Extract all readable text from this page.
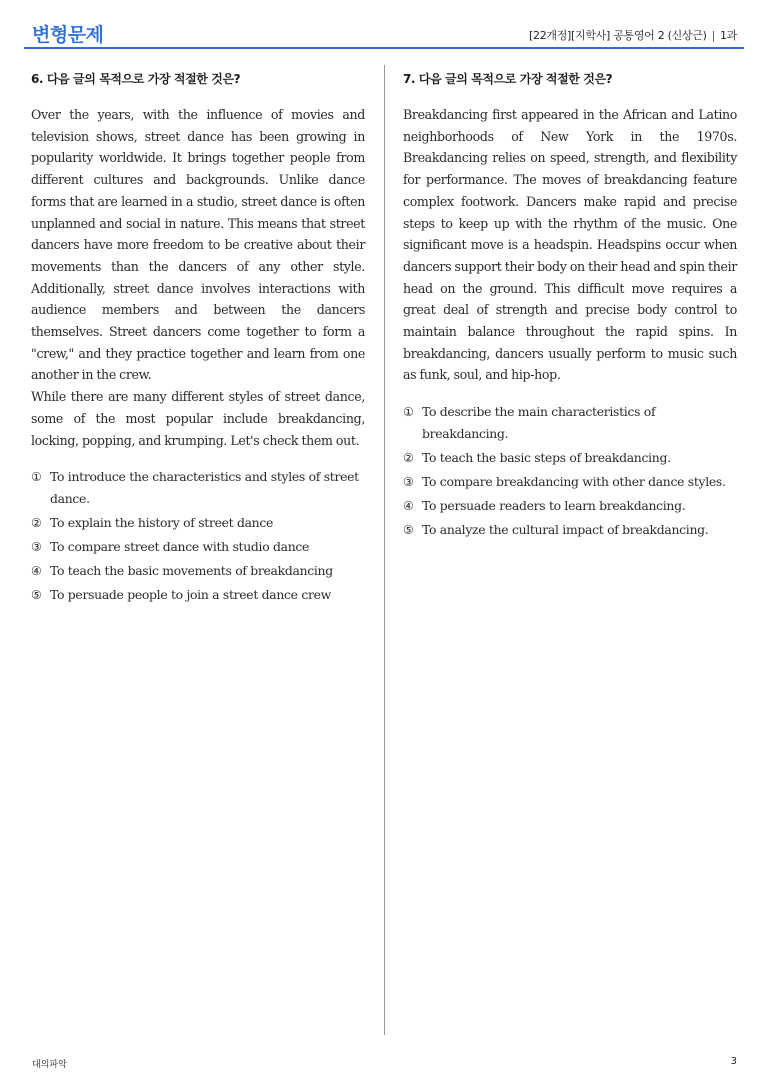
변형문제	[22개정][지학사] 공통영어 2 (신상근) | 1과
6. 다음 글의 목적으로 가장 적절한 것은?

Over the years, with the influence of movies and television shows, street dance has been growing in popularity worldwide. It brings together people from different cultures and backgrounds. Unlike dance forms that are learned in a studio, street dance is often unplanned and social in nature. This means that street dancers have more freedom to be creative about their movements than the dancers of any other style. Additionally, street dance involves interactions with audience members and between the dancers themselves. Street dancers come together to form a "crew," and they practice together and learn from one another in the crew.

While there are many different styles of street dance, some of the most popular include breakdancing, locking, popping, and krumping. Let's check them out.

① To introduce the characteristics and styles of street dance.
② To explain the history of street dance
③ To compare street dance with studio dance
④ To teach the basic movements of breakdancing
⑤ To persuade people to join a street dance crew
7. 다음 글의 목적으로 가장 적절한 것은?

Breakdancing first appeared in the African and Latino neighborhoods of New York in the 1970s. Breakdancing relies on speed, strength, and flexibility for performance. The moves of breakdancing feature complex footwork. Dancers make rapid and precise steps to keep up with the rhythm of the music. One significant move is a headspin. Headspins occur when dancers support their body on their head and spin their head on the ground. This difficult move requires a great deal of strength and precise body control to maintain balance throughout the rapid spins. In breakdancing, dancers usually perform to music such as funk, soul, and hip-hop.

① To describe the main characteristics of breakdancing.
② To teach the basic steps of breakdancing.
③ To compare breakdancing with other dance styles.
④ To persuade readers to learn breakdancing.
⑤ To analyze the cultural impact of breakdancing.
대의파악	3
